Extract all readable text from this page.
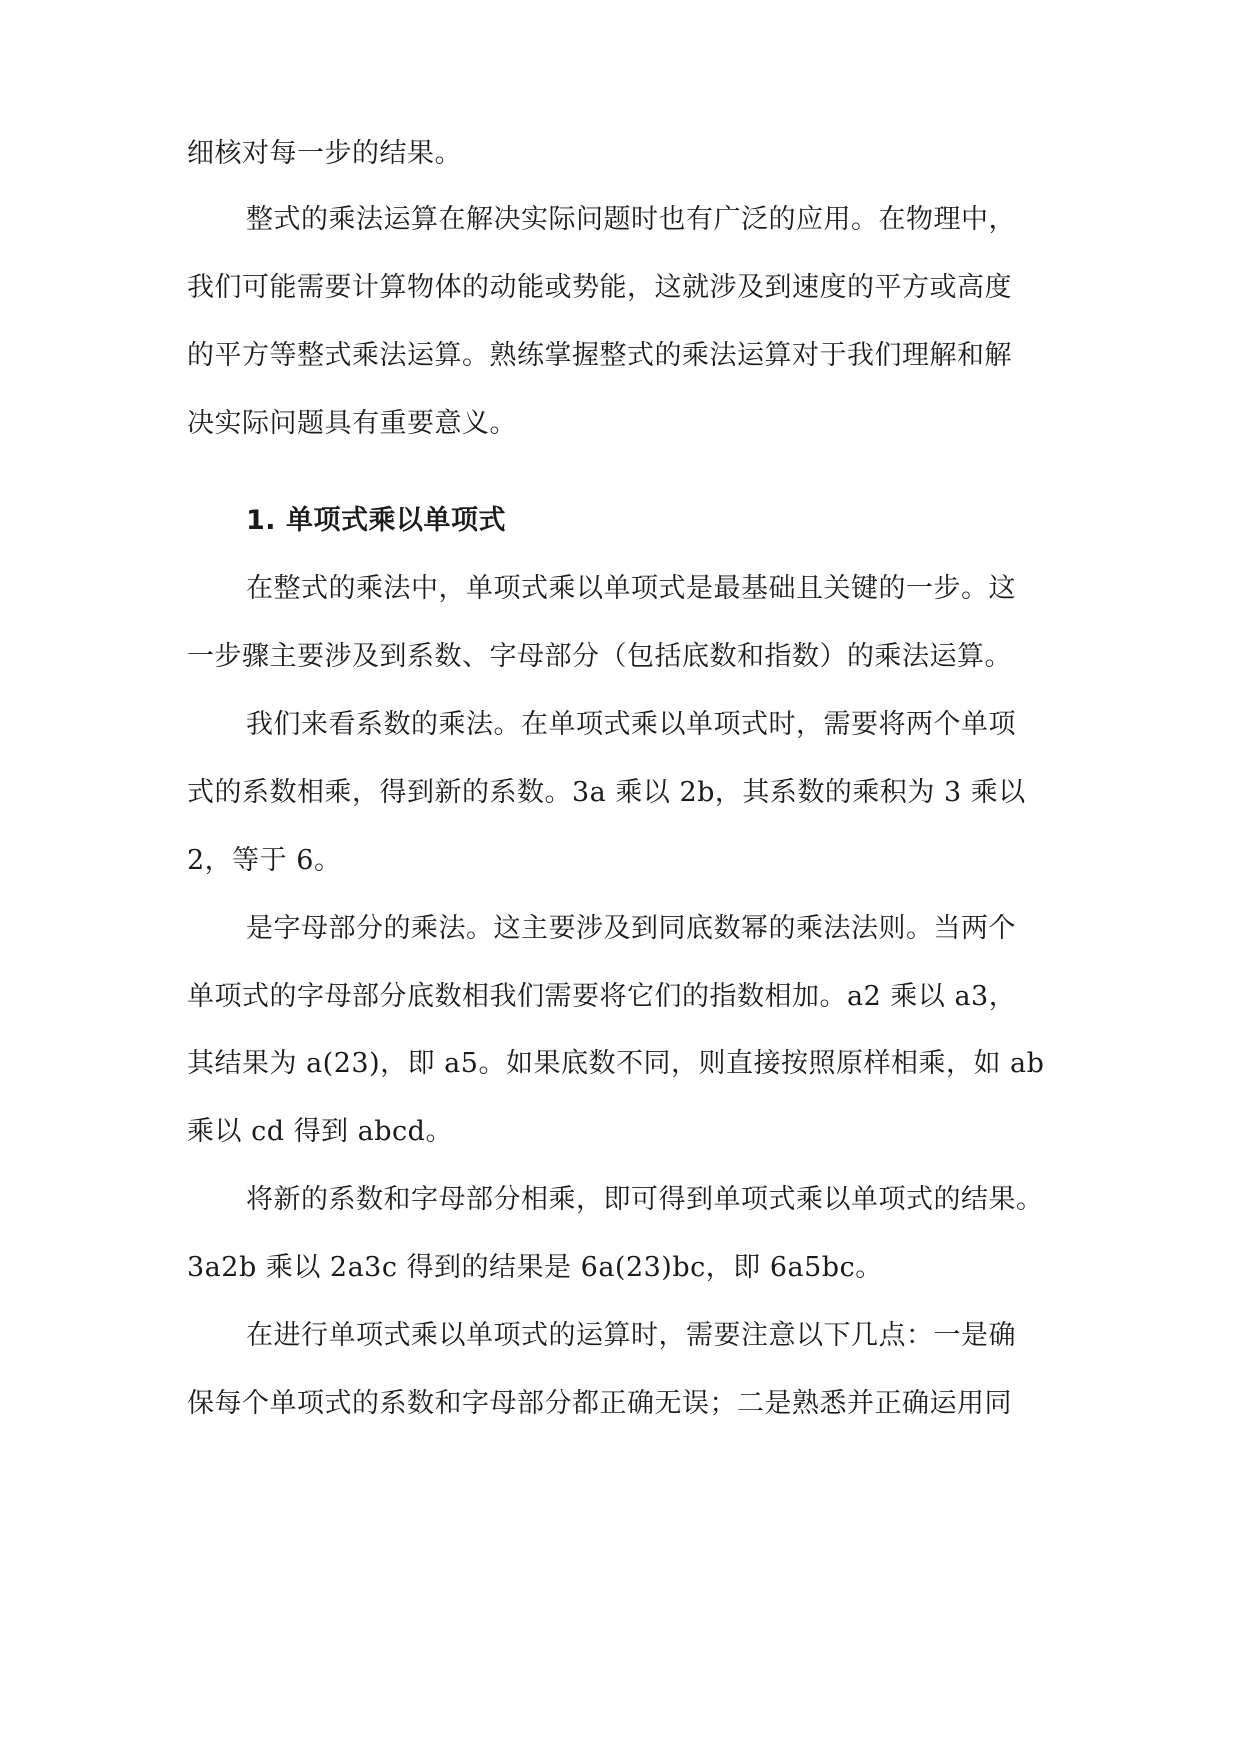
细核对每一步的结果。
整式的乘法运算在解决实际问题时也有广泛的应用。在物理中，
我们可能需要计算物体的动能或势能，这就涉及到速度的平方或高度
的平方等整式乘法运算。熟练掌握整式的乘法运算对于我们理解和解
决实际问题具有重要意义。
1. 单项式乘以单项式
在整式的乘法中，单项式乘以单项式是最基础且关键的一步。这
一步骤主要涉及到系数、字母部分（包括底数和指数）的乘法运算。
我们来看系数的乘法。在单项式乘以单项式时，需要将两个单项
式的系数相乘，得到新的系数。3a 乘以 2b，其系数的乘积为 3 乘以
2，等于 6。
是字母部分的乘法。这主要涉及到同底数幂的乘法法则。当两个
单项式的字母部分底数相我们需要将它们的指数相加。a2 乘以 a3，
其结果为 a(23)，即 a5。如果底数不同，则直接按照原样相乘，如 ab
乘以 cd 得到 abcd。
将新的系数和字母部分相乘，即可得到单项式乘以单项式的结果。
3a2b 乘以 2a3c 得到的结果是 6a(23)bc，即 6a5bc。
在进行单项式乘以单项式的运算时，需要注意以下几点：一是确
保每个单项式的系数和字母部分都正确无误；二是熟悉并正确运用同
